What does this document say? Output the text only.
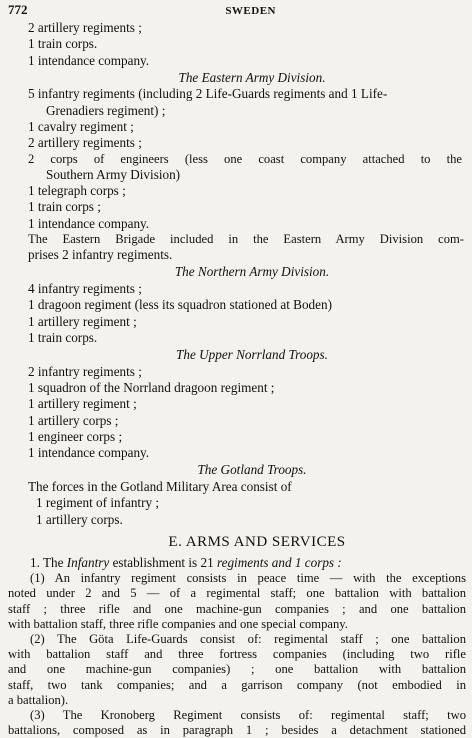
772	SWEDEN
2 artillery regiments ;
1 train corps.
1 intendance company.
The Eastern Army Division.
5 infantry regiments (including 2 Life-Guards regiments and 1 Life-
Grenadiers regiment) ;
1 cavalry regiment ;
2 artillery regiments ;
2 corps of engineers (less one coast company attached to the
Southern Army Division)
1 telegraph corps ;
1 train corps ;
1 intendance company.
The Eastern Brigade included in the Eastern Army Division com-
prises 2 infantry regiments.
The Northern Army Division.
4 infantry regiments ;
1 dragoon regiment (less its squadron stationed at Boden)
1 artillery regiment ;
1 train corps.
The Upper Norrland Troops.
2 infantry regiments ;
1 squadron of the Norrland dragoon regiment ;
1 artillery regiment ;
1 artillery corps ;
1 engineer corps ;
1 intendance company.
The Gotland Troops.
The forces in the Gotland Military Area consist of
1 regiment of infantry ;
1 artillery corps.
E. ARMS AND SERVICES
1. The Infantry establishment is 21 regiments and 1 corps :
(1) An infantry regiment consists in peace time — with the exceptions
noted under 2 and 5 — of a regimental staff; one battalion with battalion
staff ; three rifle and one machine-gun companies ; and one battalion
with battalion staff, three rifle companies and one special company.
(2) The Göta Life-Guards consist of: regimental staff ; one battalion
with battalion staff and three fortress companies (including two rifle
and one machine-gun companies) ; one battalion with battalion
staff, two tank companies; and a garrison company (not embodied in
a battalion).
(3) The Kronoberg Regiment consists of: regimental staff; two
battalions, composed as in paragraph 1 ; besides a detachment stationed
